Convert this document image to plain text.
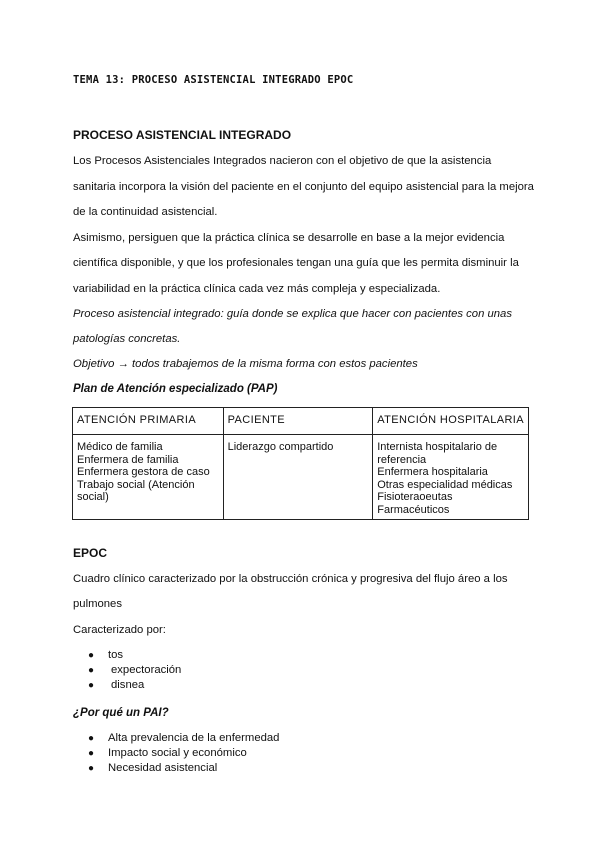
TEMA 13: PROCESO ASISTENCIAL INTEGRADO EPOC
PROCESO ASISTENCIAL INTEGRADO
Los Procesos Asistenciales Integrados nacieron con el objetivo de que la asistencia
sanitaria incorpora la visión del paciente en el conjunto del equipo asistencial para la mejora
de la continuidad asistencial.
Asimismo, persiguen que la práctica clínica se desarrolle en base a la mejor evidencia
científica disponible, y que los profesionales tengan una guía que les permita disminuir la
variabilidad en la práctica clínica cada vez más compleja y especializada.
Proceso asistencial integrado: guía donde se explica que hacer con pacientes con unas
patologías concretas.
Objetivo → todos trabajemos de la misma forma con estos pacientes
Plan de Atención especializado (PAP)
ATENCIÓN PRIMARIA	PACIENTE	ATENCIÓN HOSPITALARIA

Médico de familia
Enfermera de familia
Enfermera gestora de caso
Trabajo social (Atención social)	Liderazgo compartido	Internista hospitalario de referencia
Enfermera hospitalaria
Otras especialidad médicas
Fisioteraoeutas
Farmacéuticos
EPOC
Cuadro clínico caracterizado por la obstrucción crónica y progresiva del flujo áreo a los
pulmones
Caracterizado por:
● tos
● expectoración
● disnea
¿Por qué un PAI?
● Alta prevalencia de la enfermedad
● Impacto social y económico
● Necesidad asistencial
